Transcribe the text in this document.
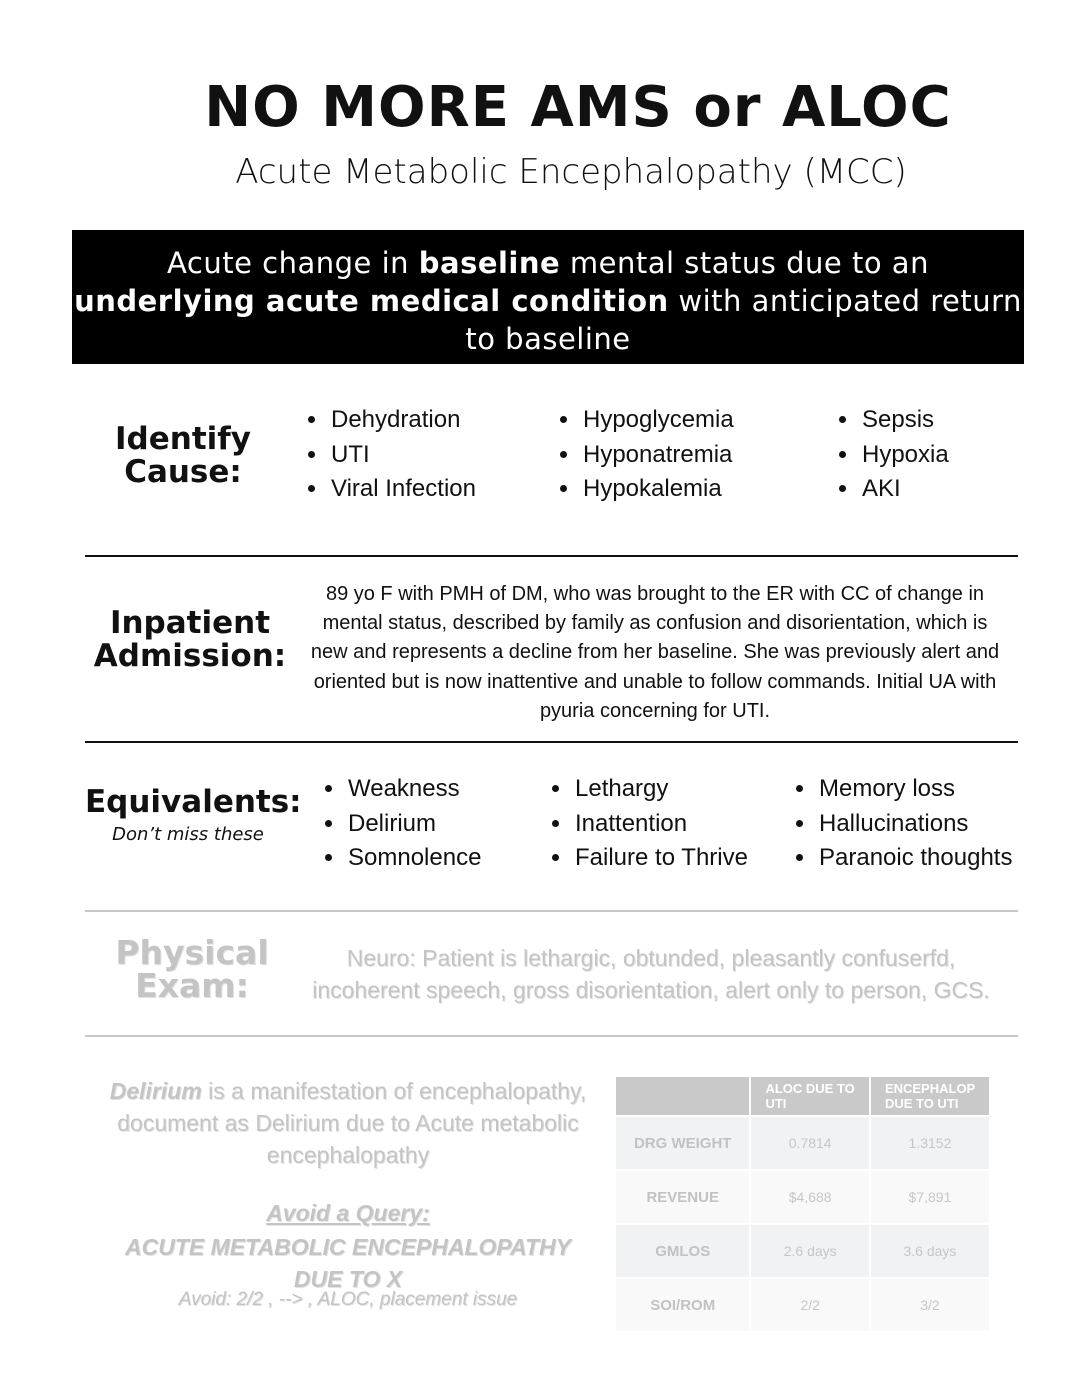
NO MORE AMS or ALOC
Acute Metabolic Encephalopathy (MCC)
Acute change in baseline mental status due to an
underlying acute medical condition with anticipated return to baseline
Identify
Cause:
• Dehydration
• UTI
• Viral Infection
• Hypoglycemia
• Hyponatremia
• Hypokalemia
• Sepsis
• Hypoxia
• AKI
Inpatient
Admission:
89 yo F with PMH of DM, who was brought to the ER with CC of change in mental status, described by family as confusion and disorientation, which is new and represents a decline from her baseline. She was previously alert and oriented but is now inattentive and unable to follow commands. Initial UA with pyuria concerning for UTI.
Equivalents:
Don’t miss these
• Weakness
• Delirium
• Somnolence
• Lethargy
• Inattention
• Failure to Thrive
• Memory loss
• Hallucinations
• Paranoic thoughts
Physical
Exam:
Neuro: Patient is lethargic, obtunded, pleasantly confuserfd,
incoherent speech, gross disorientation, alert only to person, GCS.
Delirium is a manifestation of encephalopathy, document as Delirium due to Acute metabolic encephalopathy
Avoid a Query:
ACUTE METABOLIC ENCEPHALOPATHY DUE TO X
Avoid: 2/2 , --> , ALOC, placement issue
	ALOC DUE TO UTI	ENCEPHALOP DUE TO UTI
DRG WEIGHT	0.7814	1.3152
REVENUE	$4,688	$7,891
GMLOS	2.6 days	3.6 days
SOI/ROM	2/2	3/2
